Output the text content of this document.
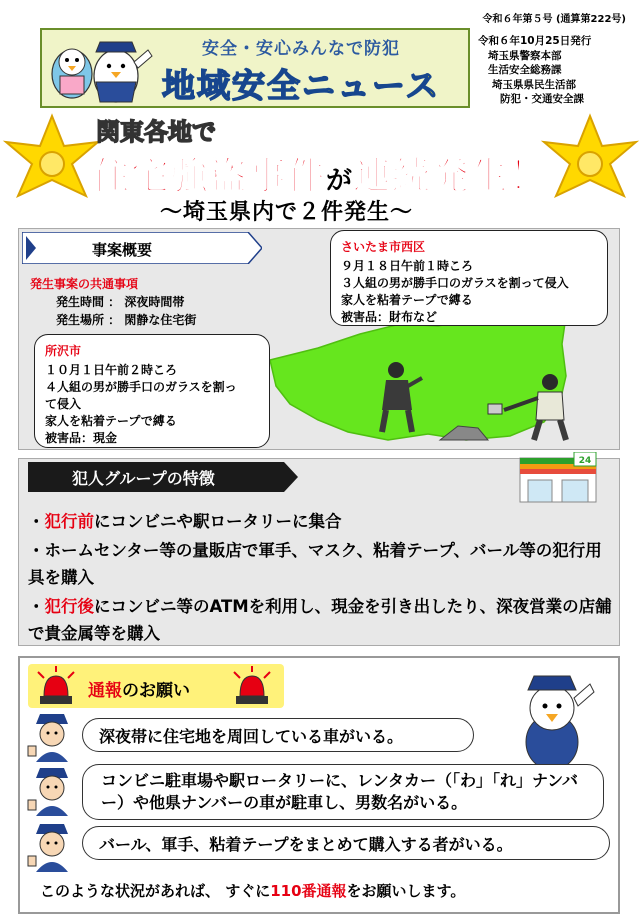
令和６年第５号 (通算第222号)
安全・安心みんなで防犯
地域安全ニュース
令和６年10月25日発行
埼玉県警察本部
生活安全総務課
埼玉県県民生活部
防犯・交通安全課
関東各地で
住宅強盗事件が連続発生！
〜埼玉県内で２件発生〜
事案概要
発生事案の共通事項
発生時間 ： 深夜時間帯
発生場所 ： 閑静な住宅街
さいたま市西区
９月１８日午前１時ころ
３人組の男が勝手口のガラスを割って侵入
家人を粘着テープで縛る
被害品：財布など
所沢市
１０月１日午前２時ころ
４人組の男が勝手口のガラスを割っ
て侵入
家人を粘着テープで縛る
被害品：現金
犯人グループの特徴
24
・犯行前にコンビニや駅ロータリーに集合
・ホームセンター等の量販店で軍手、マスク、粘着テープ、バール等の犯行用具を購入
・犯行後にコンビニ等のATMを利用し、現金を引き出したり、深夜営業の店舗で貴金属等を購入
通報のお願い
深夜帯に住宅地を周回している車がいる。
コンビニ駐車場や駅ロータリーに、レンタカー（「わ」「れ」ナンバー）や他県ナンバーの車が駐車し、男数名がいる。
バール、軍手、粘着テープをまとめて購入する者がいる。
このような状況があれば、 すぐに110番通報をお願いします。
